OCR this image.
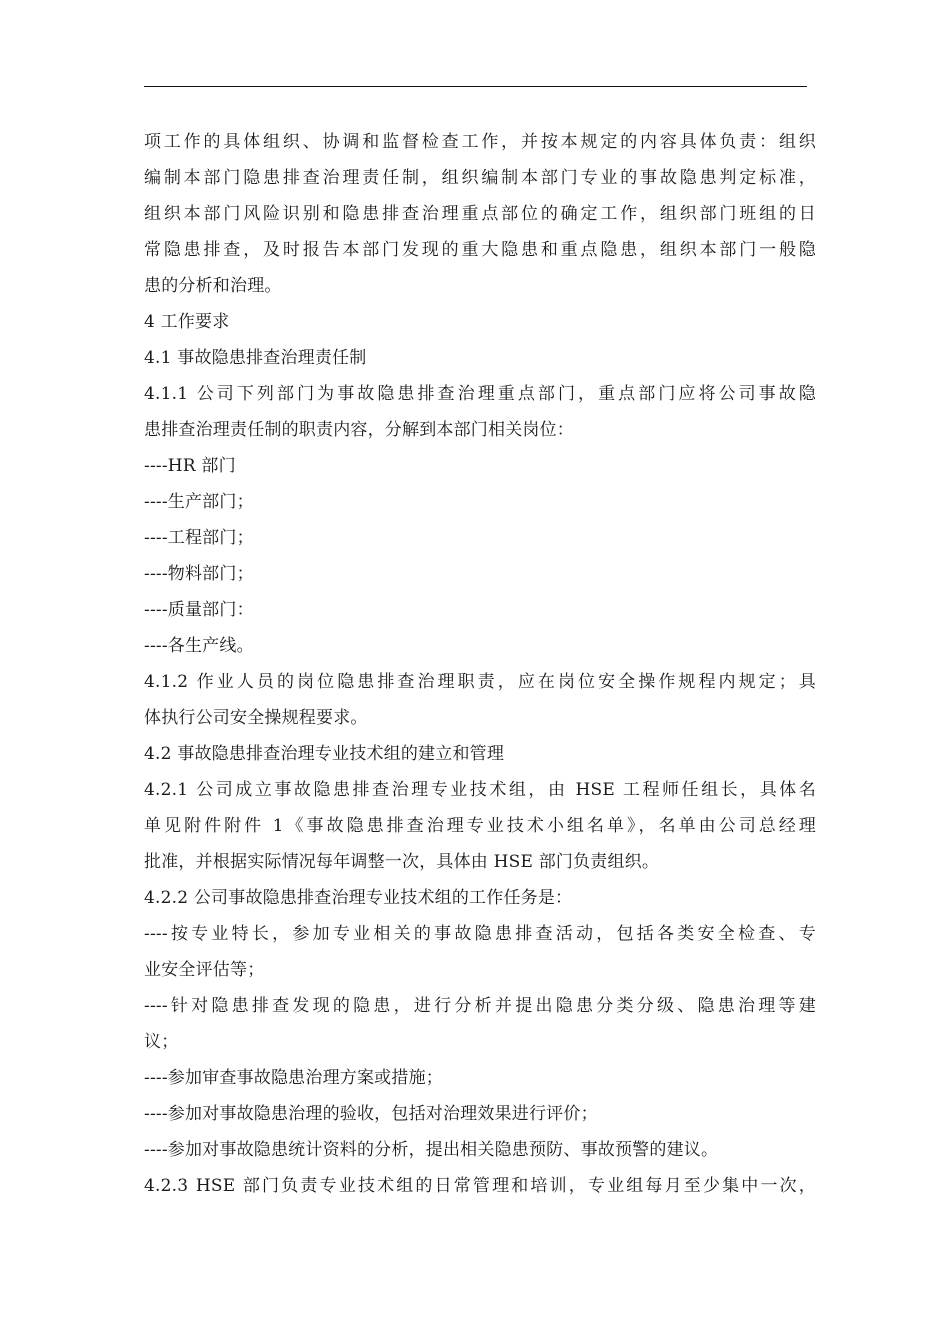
项工作的具体组织、协调和监督检查工作，并按本规定的内容具体负责：组织
编制本部门隐患排查治理责任制，组织编制本部门专业的事故隐患判定标准，
组织本部门风险识别和隐患排查治理重点部位的确定工作，组织部门班组的日
常隐患排查，及时报告本部门发现的重大隐患和重点隐患，组织本部门一般隐
患的分析和治理。
4 工作要求
4.1 事故隐患排查治理责任制
4.1.1 公司下列部门为事故隐患排查治理重点部门，重点部门应将公司事故隐
患排查治理责任制的职责内容，分解到本部门相关岗位：
----HR 部门
----生产部门；
----工程部门；
----物料部门；
----质量部门：
----各生产线。
4.1.2 作业人员的岗位隐患排查治理职责，应在岗位安全操作规程内规定；具
体执行公司安全操规程要求。
4.2 事故隐患排查治理专业技术组的建立和管理
4.2.1 公司成立事故隐患排查治理专业技术组，由 HSE 工程师任组长，具体名
单见附件附件 1《事故隐患排查治理专业技术小组名单》，名单由公司总经理
批准，并根据实际情况每年调整一次，具体由 HSE 部门负责组织。
4.2.2 公司事故隐患排查治理专业技术组的工作任务是：
----按专业特长，参加专业相关的事故隐患排查活动，包括各类安全检查、专
业安全评估等；
----针对隐患排查发现的隐患，进行分析并提出隐患分类分级、隐患治理等建
议；
----参加审查事故隐患治理方案或措施；
----参加对事故隐患治理的验收，包括对治理效果进行评价；
----参加对事故隐患统计资料的分析，提出相关隐患预防、事故预警的建议。
4.2.3 HSE 部门负责专业技术组的日常管理和培训，专业组每月至少集中一次，
